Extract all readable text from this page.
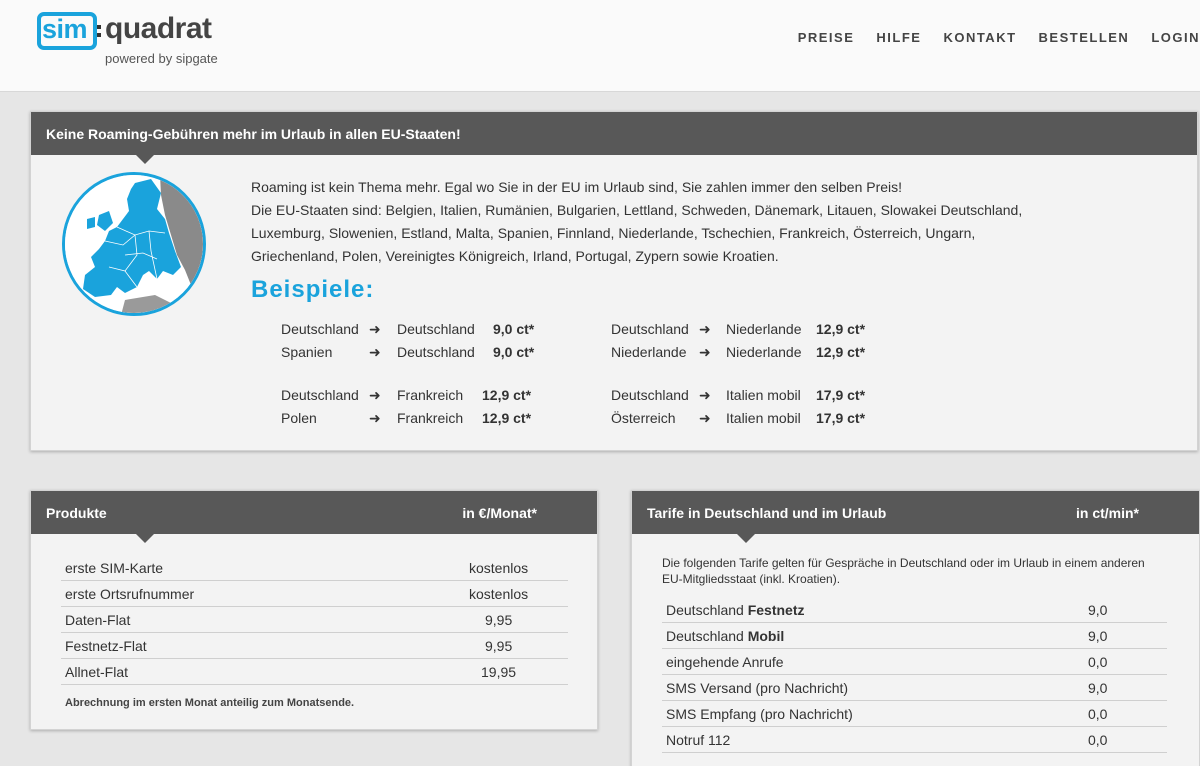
sim quadrat
powered by sipgate
PREISE HILFE KONTAKT BESTELLEN LOGIN
Keine Roaming-Gebühren mehr im Urlaub in allen EU-Staaten!
Roaming ist kein Thema mehr. Egal wo Sie in der EU im Urlaub sind, Sie zahlen immer den selben Preis!
Die EU-Staaten sind: Belgien, Italien, Rumänien, Bulgarien, Lettland, Schweden, Dänemark, Litauen, Slowakei Deutschland,
Luxemburg, Slowenien, Estland, Malta, Spanien, Finnland, Niederlande, Tschechien, Frankreich, Österreich, Ungarn,
Griechenland, Polen, Vereinigtes Königreich, Irland, Portugal, Zypern sowie Kroatien.
Beispiele:
Deutschland ➜ Deutschland 9,0 ct*
Spanien	➜ Deutschland 9,0 ct*
Deutschland ➜ Frankreich 12,9 ct*
Polen	➜ Frankreich 12,9 ct*
Deutschland ➜ Niederlande 12,9 ct*
Niederlande ➜ Niederlande 12,9 ct*
Deutschland ➜ Italien mobil 17,9 ct*
Österreich ➜ Italien mobil 17,9 ct*
Produkte	in €/Monat*
erste SIM-Karte	kostenlos
erste Ortsrufnummer	kostenlos
Daten-Flat	9,95
Festnetz-Flat	9,95
Allnet-Flat	19,95
Abrechnung im ersten Monat anteilig zum Monatsende.
Tarife in Deutschland und im Urlaub	in ct/min*
Die folgenden Tarife gelten für Gespräche in Deutschland oder im Urlaub in einem anderen
EU-Mitgliedsstaat (inkl. Kroatien).
Deutschland Festnetz	9,0
Deutschland Mobil	9,0
eingehende Anrufe	0,0
SMS Versand (pro Nachricht)	9,0
SMS Empfang (pro Nachricht)	0,0
Notruf 112	0,0
